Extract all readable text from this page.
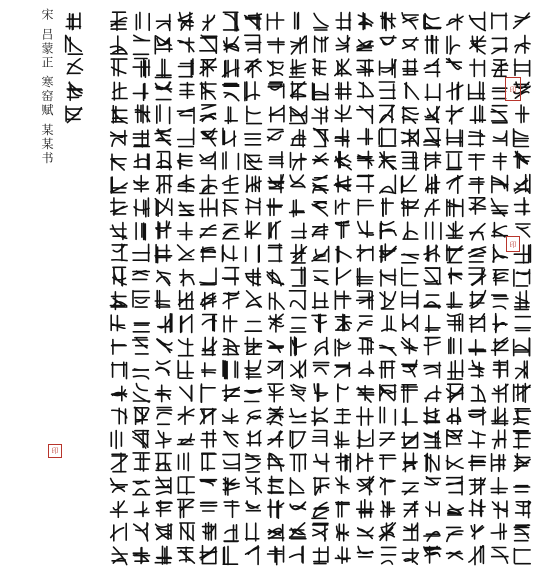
宋 吕蒙正 寒窑赋 某某书	印
印
印
